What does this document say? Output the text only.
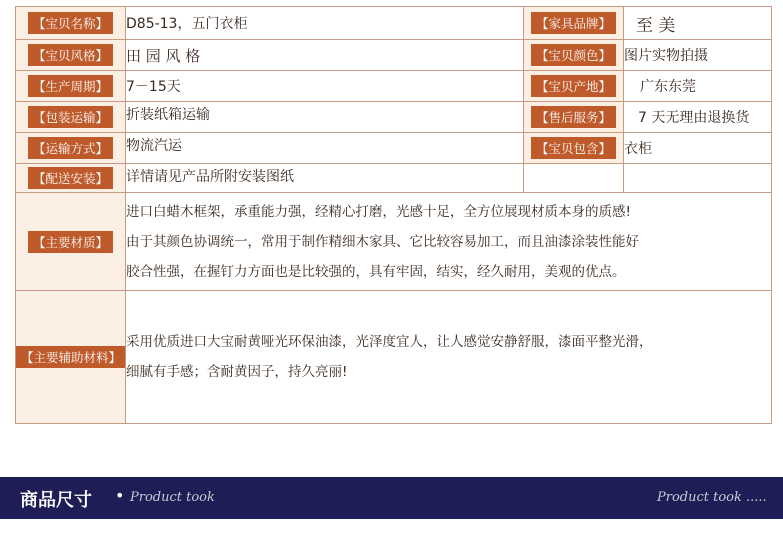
【宝贝名称】	D85-13，五门衣柜	【家具品牌】	至 美
【宝贝风格】	田 园 风 格	【宝贝颜色】	图片实物拍摄
【生产周期】	7－15天	【宝贝产地】	广东东莞
【包装运输】	折装纸箱运输	【售后服务】	7 天无理由退换货
【运输方式】	物流汽运	【宝贝包含】	衣柜
【配送安装】	详情请见产品所附安装图纸		
【主要材质】	进口白蜡木框架，承重能力强，经精心打磨，光感十足，全方位展现材质本身的质感!
由于其颜色协调统一，常用于制作精细木家具、它比较容易加工，而且油漆涂装性能好
胶合性强，在握钉力方面也是比较强的，具有牢固，结实，经久耐用，美观的优点。		

【主要辅助材料】	采用优质进口大宝耐黄哑光环保油漆，光泽度宜人，让人感觉安静舒服，漆面平整光滑，
细腻有手感；含耐黄因子，持久亮丽!		
商品尺寸 • Product took	Product took .....
